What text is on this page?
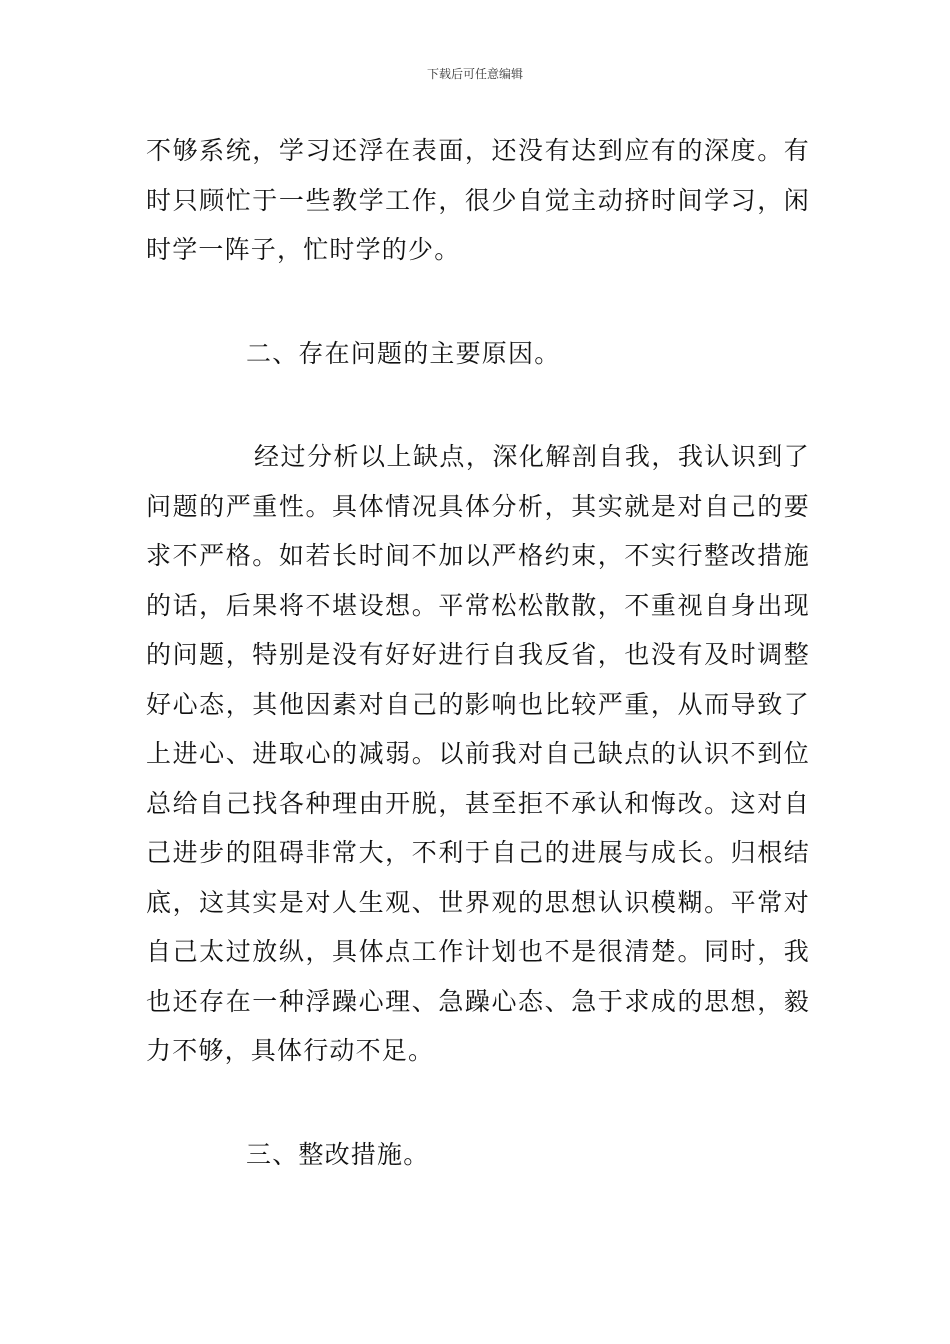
下载后可任意编辑

不够系统，学习还浮在表面，还没有达到应有的深度。有时只顾忙于一些教学工作，很少自觉主动挤时间学习，闲时学一阵子，忙时学的少。

二、存在问题的主要原因。

经过分析以上缺点，深化解剖自我，我认识到了问题的严重性。具体情况具体分析，其实就是对自己的要求不严格。如若长时间不加以严格约束，不实行整改措施的话，后果将不堪设想。平常松松散散，不重视自身出现的问题，特别是没有好好进行自我反省，也没有及时调整好心态，其他因素对自己的影响也比较严重，从而导致了上进心、进取心的减弱。以前我对自己缺点的认识不到位总给自己找各种理由开脱，甚至拒不承认和悔改。这对自己进步的阻碍非常大，不利于自己的进展与成长。归根结底，这其实是对人生观、世界观的思想认识模糊。平常对自己太过放纵，具体点工作计划也不是很清楚。同时，我也还存在一种浮躁心理、急躁心态、急于求成的思想，毅力不够，具体行动不足。

三、整改措施。
